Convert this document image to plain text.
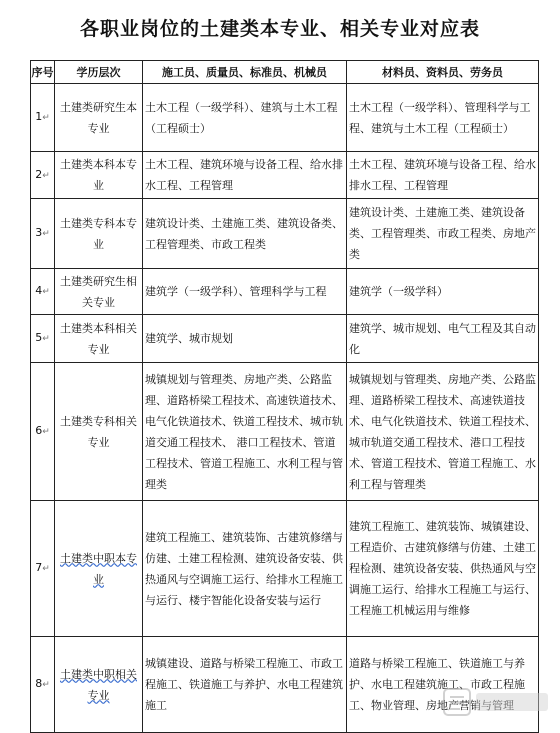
各职业岗位的土建类本专业、相关专业对应表
序号	学历层次	施工员、质量员、标准员、机械员	材料员、资料员、劳务员
1↵	土建类研究生本专业	土木工程（一级学科）、建筑与土木工程（工程硕士）	土木工程（一级学科）、管理科学与工程、建筑与土木工程（工程硕士）
2↵	土建类本科本专业	土木工程、建筑环境与设备工程、给水排水工程、工程管理	土木工程、建筑环境与设备工程、给水排水工程、工程管理
3↵	土建类专科本专业	建筑设计类、土建施工类、建筑设备类、工程管理类、市政工程类	建筑设计类、土建施工类、建筑设备类、工程管理类、市政工程类、房地产类
4↵	土建类研究生相关专业	建筑学（一级学科）、管理科学与工程	建筑学（一级学科）
5↵	土建类本科相关专业	建筑学、城市规划	建筑学、城市规划、电气工程及其自动化
6↵	土建类专科相关专业	城镇规划与管理类、房地产类、公路监理、道路桥梁工程技术、高速铁道技术、电气化铁道技术、铁道工程技术、城市轨道交通工程技术、 港口工程技术、管道工程技术、管道工程施工、水利工程与管理类	城镇规划与管理类、房地产类、公路监理、道路桥梁工程技术、高速铁道技术、电气化铁道技术、铁道工程技术、城市轨道交通工程技术、港口工程技术、管道工程技术、管道工程施工、水利工程与管理类
7↵	土建类中职本专业	建筑工程施工、建筑装饰、古建筑修缮与仿建、土建工程检测、建筑设备安装、供热通风与空调施工运行、给排水工程施工与运行、楼宇智能化设备安装与运行	建筑工程施工、建筑装饰、城镇建设、工程造价、古建筑修缮与仿建、土建工程检测、建筑设备安装、供热通风与空调施工运行、给排水工程施工与运行、工程施工机械运用与维修
8↵	土建类中职相关专业	城镇建设、道路与桥梁工程施工、市政工程施工、铁道施工与养护、水电工程建筑施工	道路与桥梁工程施工、铁道施工与养护、水电工程建筑施工、市政工程施工、物业管理、房地产营销与管理
